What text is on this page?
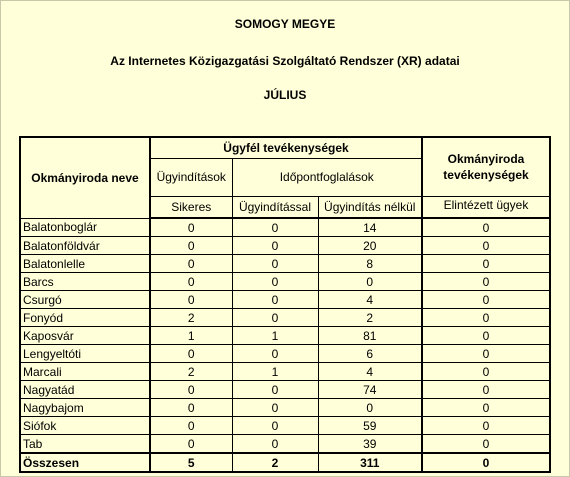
SOMOGY MEGYE
Az Internetes Közigazgatási Szolgáltató Rendszer (XR) adatai
JÚLIUS
Okmányiroda neve	Ügyfél tevékenységek			Okmányiroda tevékenységek
	Ügyindítások	Időpontfoglalások		
	Sikeres	Ügyindítással	Ügyindítás nélkül	Elintézett ügyek
Balatonboglár	0	0	14	0
Balatonföldvár	0	0	20	0
Balatonlelle	0	0	8	0
Barcs	0	0	0	0
Csurgó	0	0	4	0
Fonyód	2	0	2	0
Kaposvár	1	1	81	0
Lengyeltóti	0	0	6	0
Marcali	2	1	4	0
Nagyatád	0	0	74	0
Nagybajom	0	0	0	0
Siófok	0	0	59	0
Tab	0	0	39	0
Összesen	5	2	311	0
